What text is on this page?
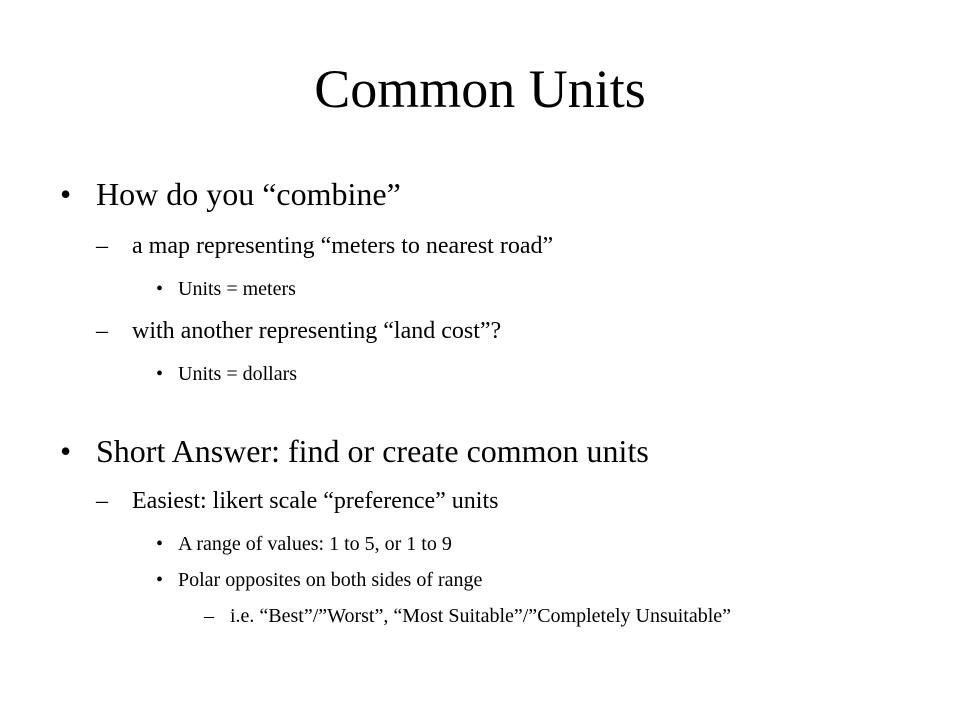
Common Units
• How do you “combine”
– a map representing “meters to nearest road”
• Units = meters
– with another representing “land cost”?
• Units = dollars
• Short Answer: find or create common units
– Easiest: likert scale “preference” units
• A range of values: 1 to 5, or 1 to 9
• Polar opposites on both sides of range
– i.e. “Best”/”Worst”, “Most Suitable”/”Completely Unsuitable”
